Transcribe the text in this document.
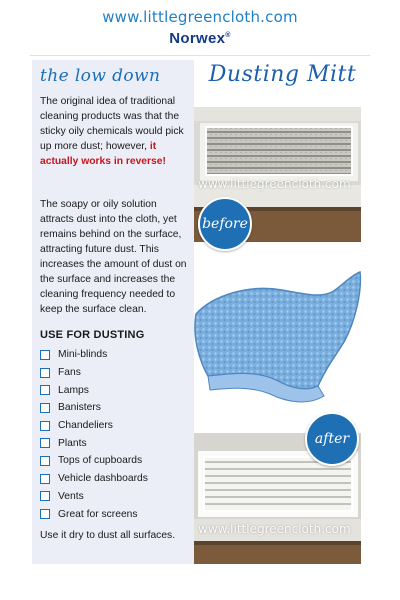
www.littlegreencloth.com
Norwex®
the low down

The original idea of traditional cleaning products was that the sticky oily chemicals would pick up more dust; however, it actually works in reverse!

The soapy or oily solution attracts dust into the cloth, yet remains behind on the surface, attracting future dust. This increases the amount of dust on the surface and increases the cleaning frequency needed to keep the surface clean.

USE FOR DUSTING
Mini-blinds
Fans
Lamps
Banisters
Chandeliers
Plants
Tops of cupboards
Vehicle dashboards
Vents
Great for screens
Use it dry to dust all surfaces.
Dusting Mitt
www.littlegreencloth.com
before
www.littlegreencloth.com
after
